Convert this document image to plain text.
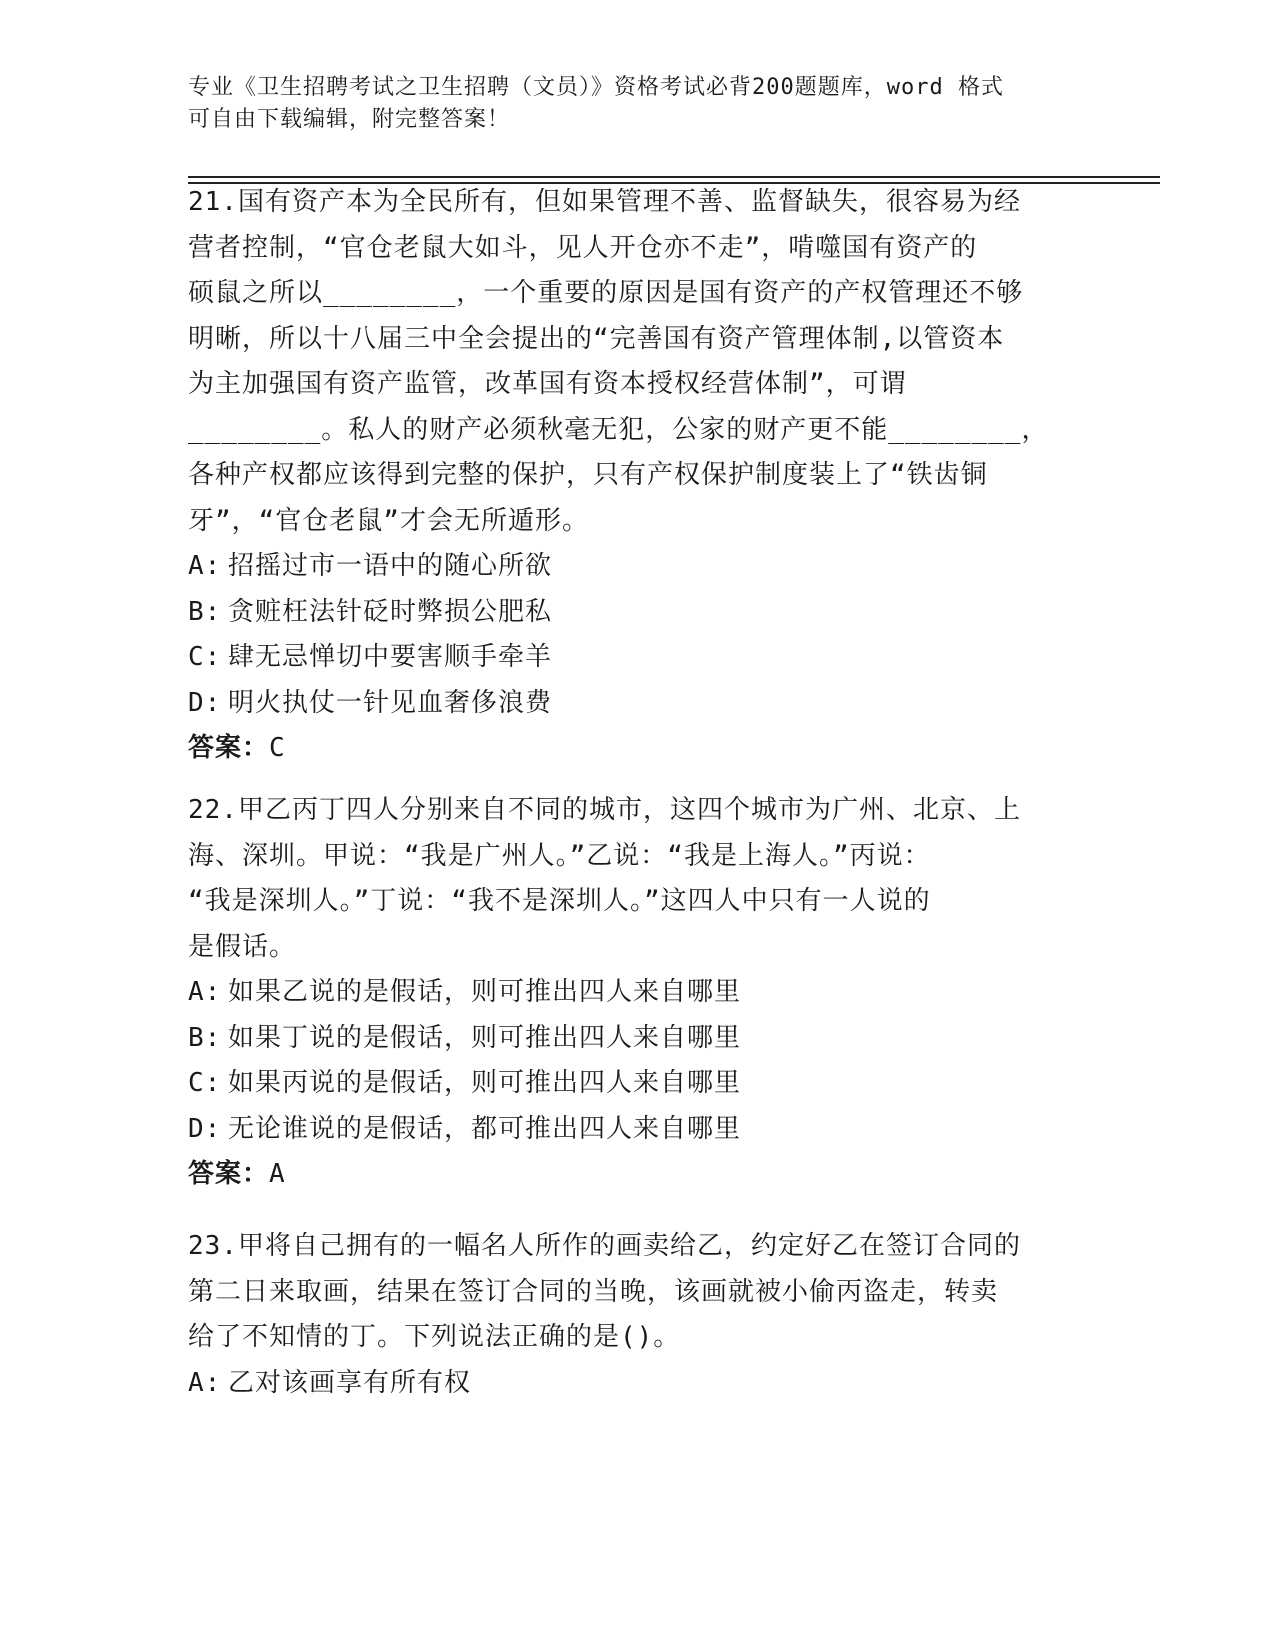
专业《卫生招聘考试之卫生招聘（文员）》资格考试必背200题题库，word 格式
可自由下载编辑，附完整答案！
21.国有资产本为全民所有，但如果管理不善、监督缺失，很容易为经
营者控制，“官仓老鼠大如斗，见人开仓亦不走”，啃噬国有资产的
硕鼠之所以________，一个重要的原因是国有资产的产权管理还不够
明晰，所以十八届三中全会提出的“完善国有资产管理体制,以管资本
为主加强国有资产监管，改革国有资本授权经营体制”，可谓
________。私人的财产必须秋毫无犯，公家的财产更不能________，
各种产权都应该得到完整的保护，只有产权保护制度装上了“铁齿铜
牙”，“官仓老鼠”才会无所遁形。
A: 招摇过市一语中的随心所欲
B: 贪赃枉法针砭时弊损公肥私
C: 肆无忌惮切中要害顺手牵羊
D: 明火执仗一针见血奢侈浪费
答案：C
22.甲乙丙丁四人分别来自不同的城市，这四个城市为广州、北京、上
海、深圳。甲说：“我是广州人。”乙说：“我是上海人。”丙说：
“我是深圳人。”丁说：“我不是深圳人。”这四人中只有一人说的
是假话。
A: 如果乙说的是假话，则可推出四人来自哪里
B: 如果丁说的是假话，则可推出四人来自哪里
C: 如果丙说的是假话，则可推出四人来自哪里
D: 无论谁说的是假话，都可推出四人来自哪里
答案：A
23.甲将自己拥有的一幅名人所作的画卖给乙，约定好乙在签订合同的
第二日来取画，结果在签订合同的当晚，该画就被小偷丙盗走，转卖
给了不知情的丁。下列说法正确的是()。
A: 乙对该画享有所有权
